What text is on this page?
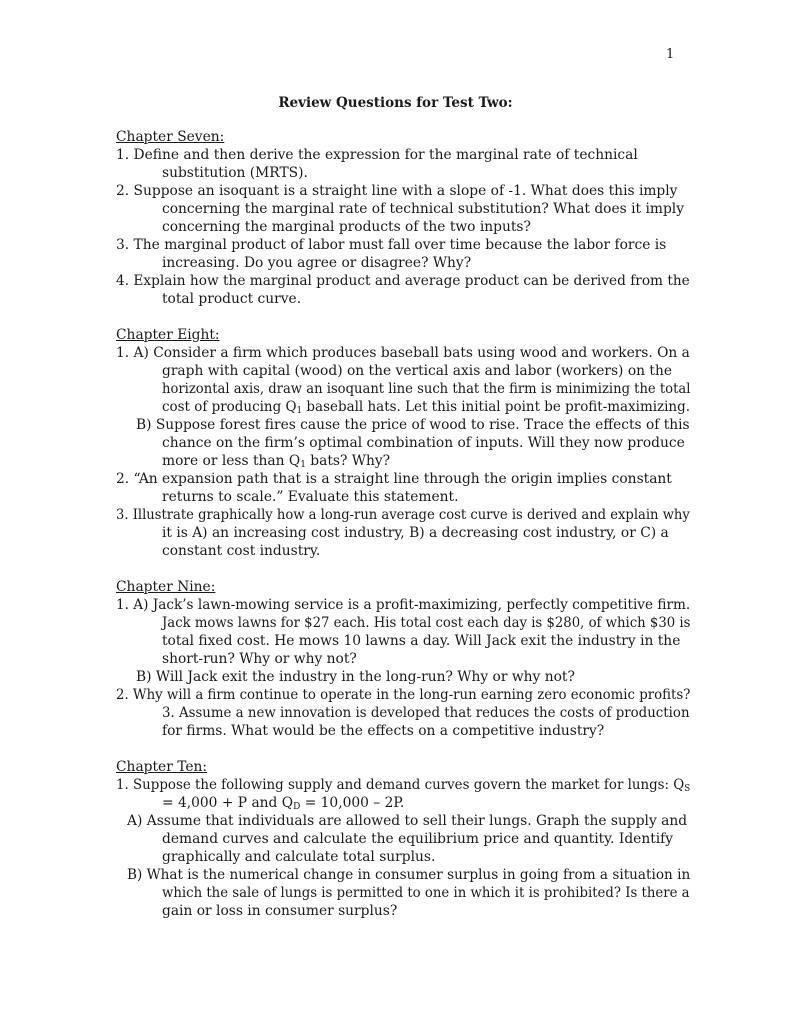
1
Review Questions for Test Two:
Chapter Seven:
1. Define and then derive the expression for the marginal rate of technical
substitution (MRTS).
2. Suppose an isoquant is a straight line with a slope of -1. What does this imply
concerning the marginal rate of technical substitution? What does it imply
concerning the marginal products of the two inputs?
3. The marginal product of labor must fall over time because the labor force is
increasing. Do you agree or disagree? Why?
4. Explain how the marginal product and average product can be derived from the
total product curve.
Chapter Eight:
1. A) Consider a firm which produces baseball bats using wood and workers. On a
graph with capital (wood) on the vertical axis and labor (workers) on the
horizontal axis, draw an isoquant line such that the firm is minimizing the total
cost of producing $Q_1$ baseball hats. Let this initial point be profit-maximizing.
B) Suppose forest fires cause the price of wood to rise. Trace the effects of this
chance on the firm’s optimal combination of inputs. Will they now produce
more or less than $Q_1$ bats? Why?
2. “An expansion path that is a straight line through the origin implies constant
returns to scale.” Evaluate this statement.
3. Illustrate graphically how a long-run average cost curve is derived and explain why
it is A) an increasing cost industry, B) a decreasing cost industry, or C) a
constant cost industry.
Chapter Nine:
1. A) Jack’s lawn-mowing service is a profit-maximizing, perfectly competitive firm.
Jack mows lawns for $27 each. His total cost each day is $280, of which $30 is
total fixed cost. He mows 10 lawns a day. Will Jack exit the industry in the
short-run? Why or why not?
B) Will Jack exit the industry in the long-run? Why or why not?
2. Why will a firm continue to operate in the long-run earning zero economic profits?
3. Assume a new innovation is developed that reduces the costs of production
for firms. What would be the effects on a competitive industry?
Chapter Ten:
1. Suppose the following supply and demand curves govern the market for lungs: $Q_S$
= 4,000 + P and $Q_D = 10,000 - 2P$.
A) Assume that individuals are allowed to sell their lungs. Graph the supply and
demand curves and calculate the equilibrium price and quantity. Identify
graphically and calculate total surplus.
B) What is the numerical change in consumer surplus in going from a situation in
which the sale of lungs is permitted to one in which it is prohibited? Is there a
gain or loss in consumer surplus?
